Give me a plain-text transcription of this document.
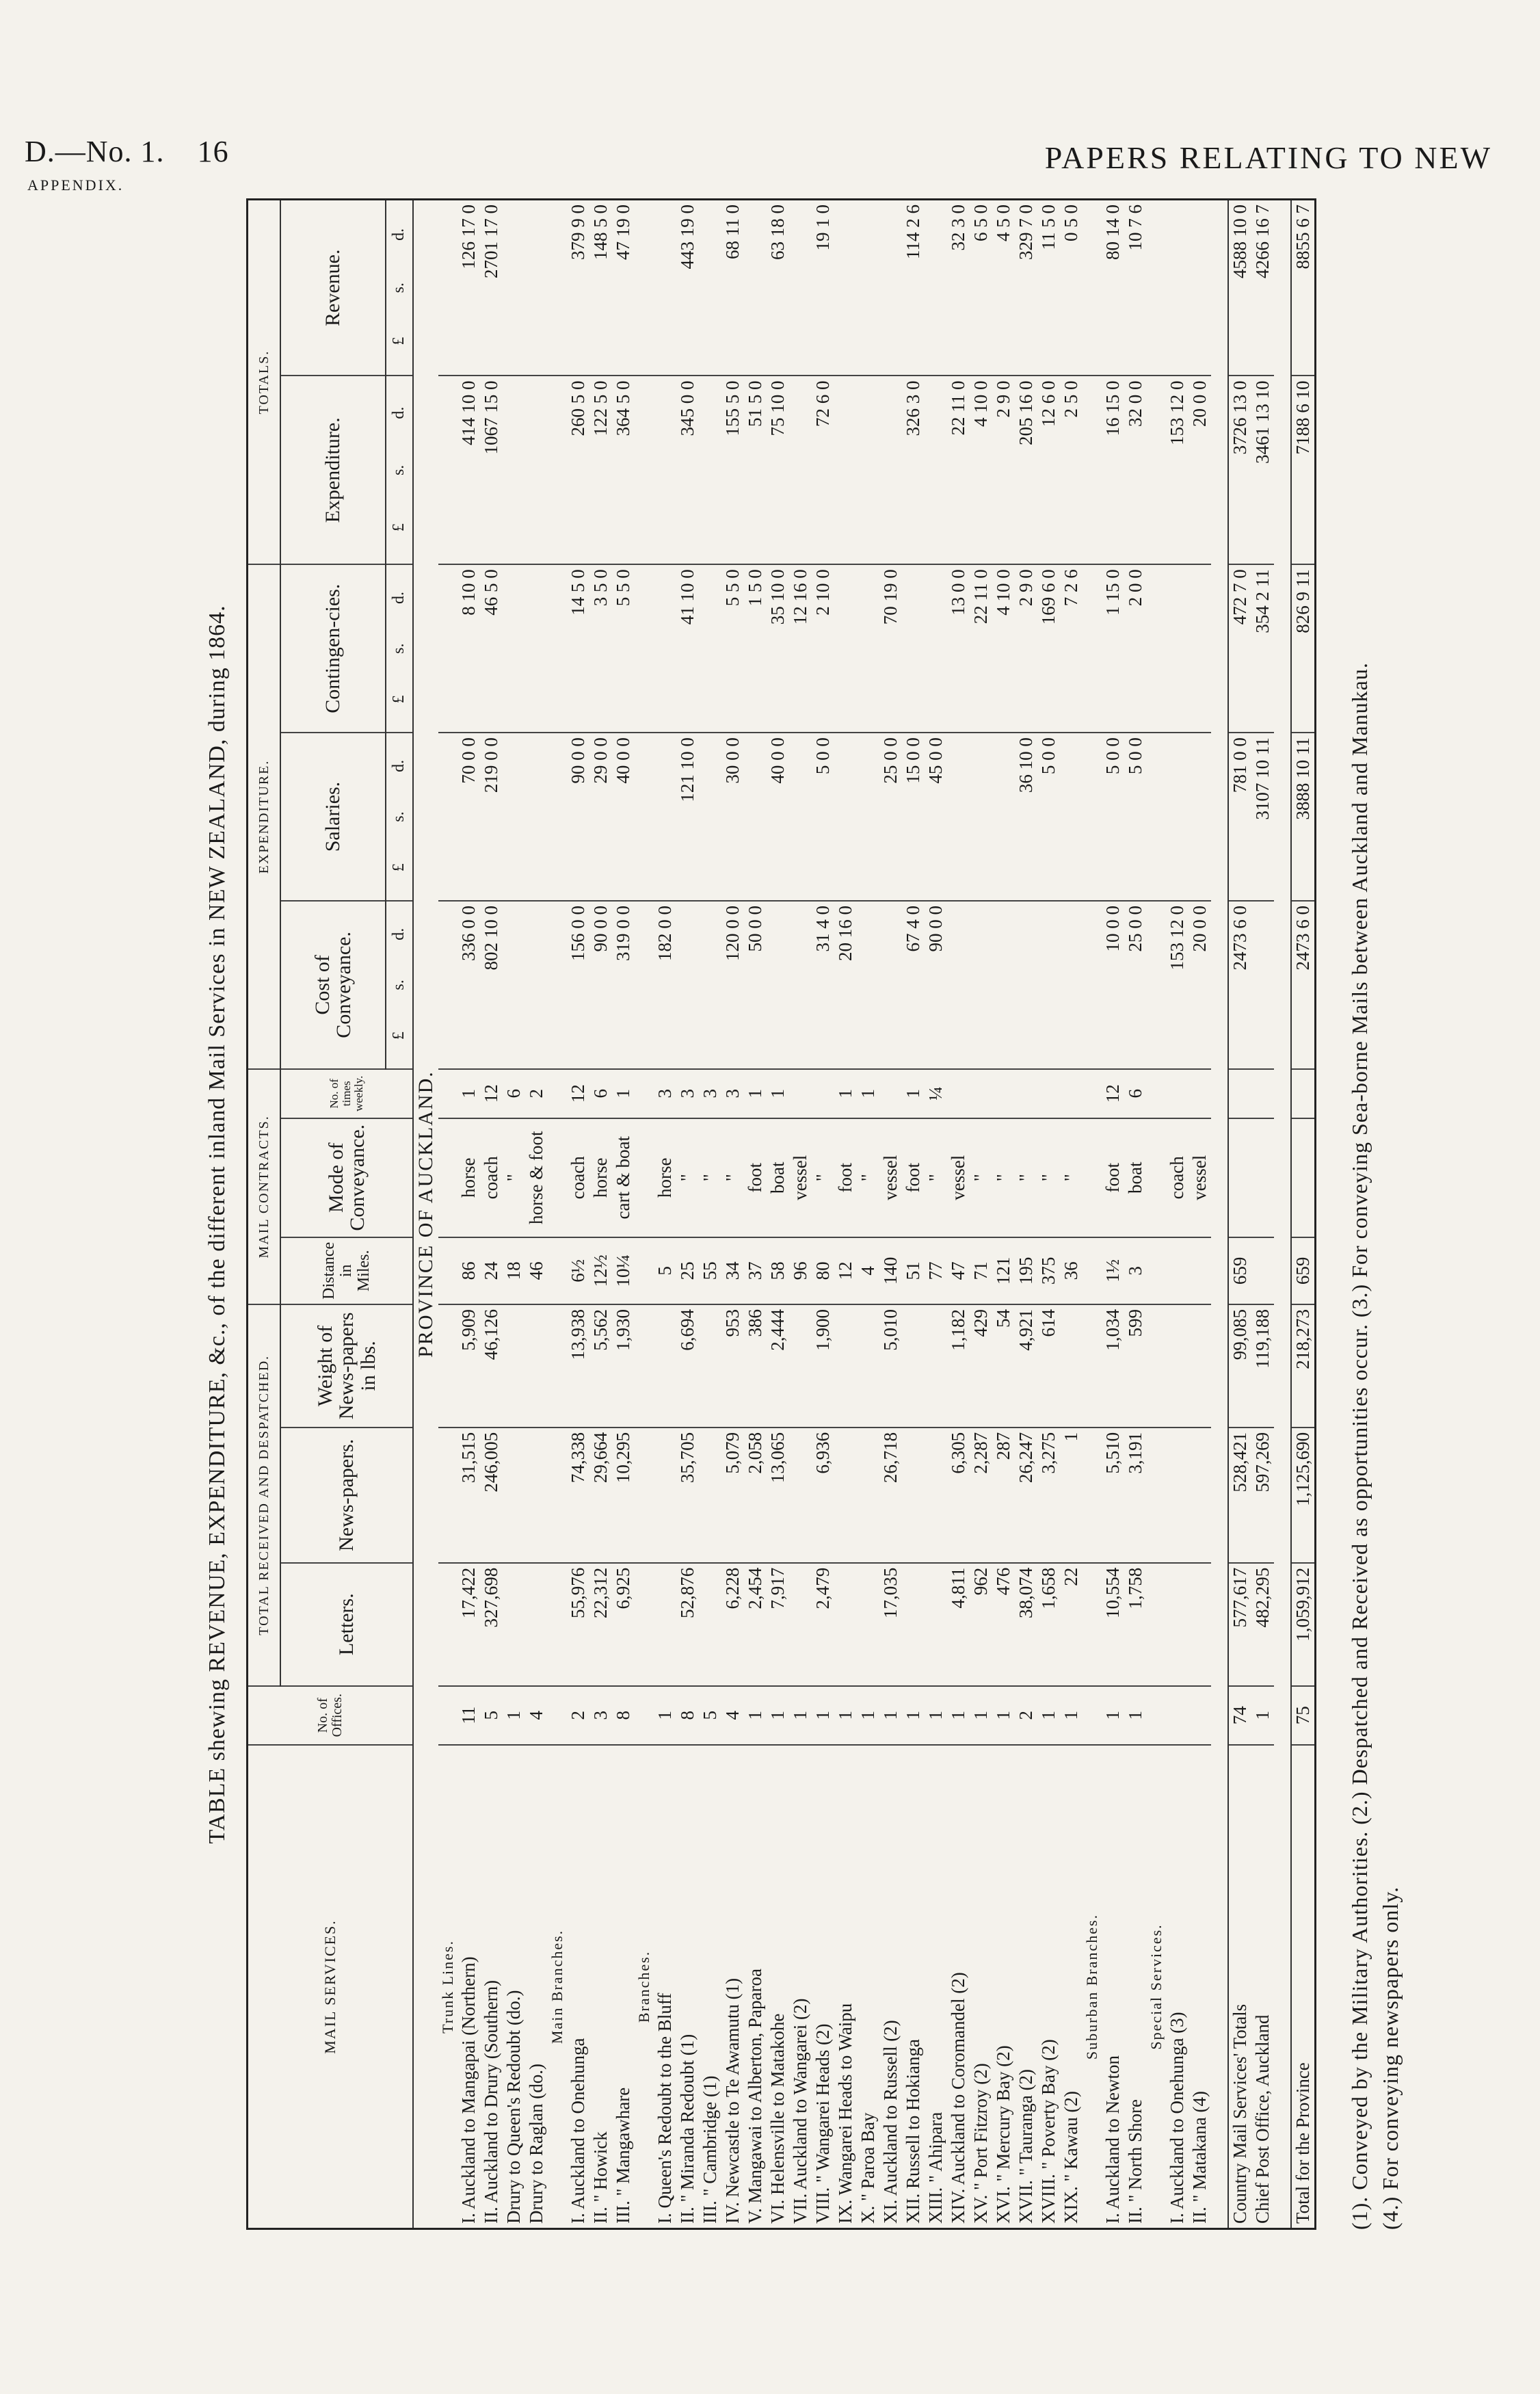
D.—No. 1. 16
APPENDIX.
PAPERS RELATING TO NEW
TABLE shewing REVENUE, EXPENDITURE, &c., of the different inland Mail Services in NEW ZEALAND, during 1864.
MAIL SERVICES.	No. of Offices.	TOTAL RECEIVED AND DESPATCHED.			MAIL CONTRACTS.			EXPENDITURE.			TOTALS.	
		Letters.	News-papers.	Weight of News-papers in lbs.	Distance in Miles.	Mode of Conveyance.	No. of times weekly.	Cost of Conveyance.	Salaries.	Contingen-cies.	Expenditure.	Revenue.
								£s.d.	£s.d.	£s.d.	£s.d.	£s.d.
PROVINCE OF AUCKLAND.												
Trunk Lines.												
I. Auckland to Mangapai (Northern)	11	17,422	31,515	5,909	86	horse	1	336 0 0	70 0 0	8 10 0	414 10 0	126 17 0
II. Auckland to Drury (Southern)	5	327,698	246,005	46,126	24	coach	12	802 10 0	219 0 0	46 5 0	1067 15 0	2701 17 0
Drury to Queen's Redoubt (do.)	1				18	"	6					
Drury to Raglan (do.)	4				46	horse & foot	2					
Main Branches.												
I. Auckland to Onehunga	2	55,976	74,338	13,938	6½	coach	12	156 0 0	90 0 0	14 5 0	260 5 0	379 9 0
II. " Howick	3	22,312	29,664	5,562	12½	horse	6	90 0 0	29 0 0	3 5 0	122 5 0	148 5 0
III. " Mangawhare	8	6,925	10,295	1,930	10¼	cart & boat	1	319 0 0	40 0 0	5 5 0	364 5 0	47 19 0
Branches.												
I. Queen's Redoubt to the Bluff	1				5	horse	3	182 0 0				
II. " Miranda Redoubt (1)	8	52,876	35,705	6,694	25	"	3		121 10 0	41 10 0	345 0 0	443 19 0
III. " Cambridge (1)	5				55	"	3					
IV. Newcastle to Te Awamutu (1)	4	6,228	5,079	953	34	"	3	120 0 0	30 0 0	5 5 0	155 5 0	68 11 0
V. Mangawai to Alberton, Paparoa	1	2,454	2,058	386	37	foot	1	50 0 0		1 5 0	51 5 0	
VI. Helensville to Matakohe	1	7,917	13,065	2,444	58	boat	1		40 0 0	35 10 0	75 10 0	63 18 0
VII. Auckland to Wangarei (2)	1				96	vessel				12 16 0		
VIII. " Wangarei Heads (2)	1	2,479	6,936	1,900	80	"		31 4 0	5 0 0	2 10 0	72 6 0	19 1 0
IX. Wangarei Heads to Waipu	1				12	foot	1	20 16 0				
X. " Paroa Bay	1				4	"	1					
XI. Auckland to Russell (2)	1	17,035	26,718	5,010	140	vessel			25 0 0	70 19 0		
XII. Russell to Hokianga	1				51	foot	1	67 4 0	15 0 0		326 3 0	114 2 6
XIII. " Ahipara	1				77	"	¼	90 0 0	45 0 0			
XIV. Auckland to Coromandel (2)	1	4,811	6,305	1,182	47	vessel				13 0 0	22 11 0	32 3 0
XV. " Port Fitzroy (2)	1	962	2,287	429	71	"				22 11 0	4 10 0	6 5 0
XVI. " Mercury Bay (2)	1	476	287	54	121	"				4 10 0	2 9 0	4 5 0
XVII. " Tauranga (2)	2	38,074	26,247	4,921	195	"			36 10 0	2 9 0	205 16 0	329 7 0
XVIII. " Poverty Bay (2)	1	1,658	3,275	614	375	"			5 0 0	169 6 0	12 6 0	11 5 0
XIX. " Kawau (2)	1	22	1		36	"				7 2 6	2 5 0	0 5 0
Suburban Branches.												
I. Auckland to Newton	1	10,554	5,510	1,034	1½	foot	12	10 0 0	5 0 0	1 15 0	16 15 0	80 14 0
II. " North Shore	1	1,758	3,191	599	3	boat	6	25 0 0	5 0 0	2 0 0	32 0 0	10 7 6
Special Services.												
I. Auckland to Onehunga (3)						coach		153 12 0			153 12 0	
II. " Matakana (4)						vessel		20 0 0			20 0 0	

Country Mail Services' Totals	74	577,617	528,421	99,085	659			2473 6 0	781 0 0	472 7 0	3726 13 0	4588 10 0
Chief Post Office, Auckland	1	482,295	597,269	119,188					3107 10 11	354 2 11	3461 13 10	4266 16 7

Total for the Province	75	1,059,912	1,125,690	218,273	659			2473 6 0	3888 10 11	826 9 11	7188 6 10	8855 6 7
(1). Conveyed by the Military Authorities. (2.) Despatched and Received as opportunities occur. (3.) For conveying Sea-borne Mails between Auckland and Manukau. (4.) For conveying newspapers only.
